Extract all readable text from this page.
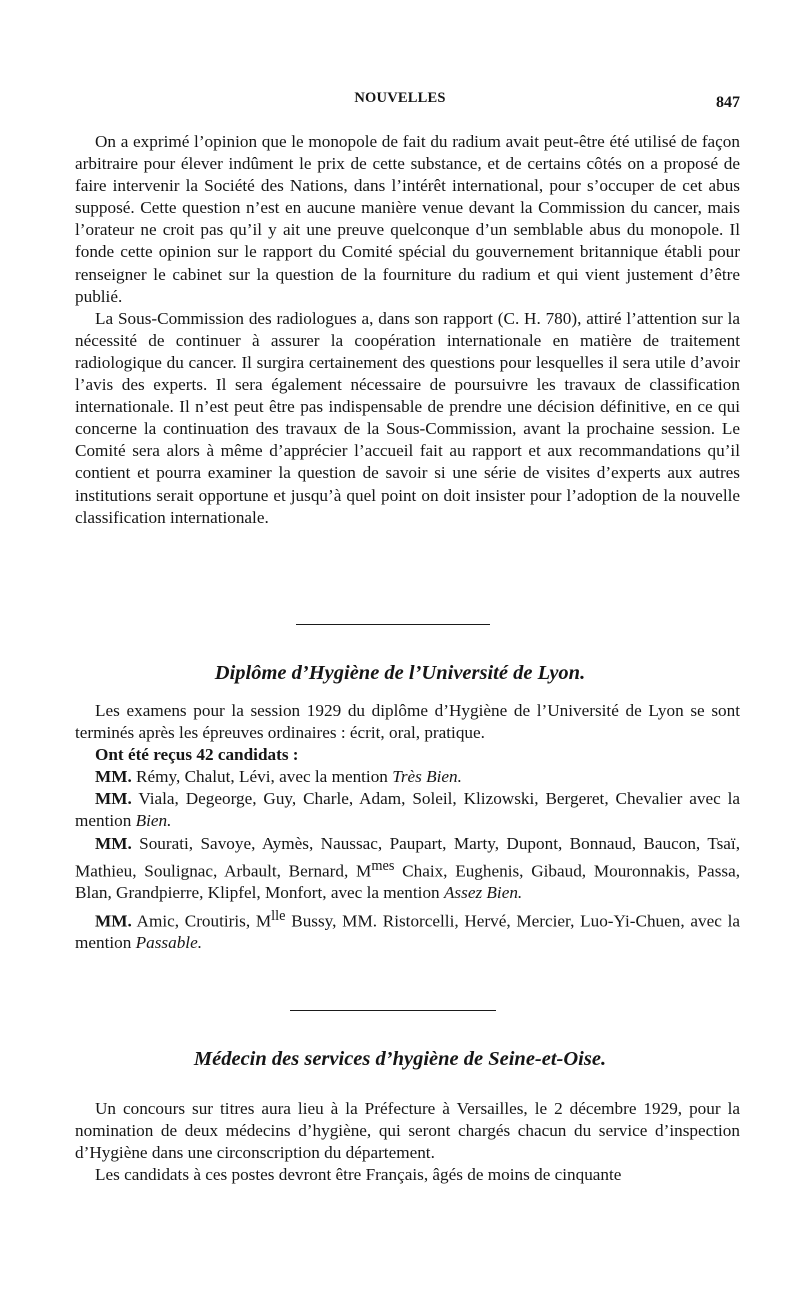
NOUVELLES	847

On a exprimé l’opinion que le monopole de fait du radium avait peut-être été utilisé de façon arbitraire pour élever indûment le prix de cette substance, et de certains côtés on a proposé de faire intervenir la Société des Nations, dans l’intérêt international, pour s’occuper de cet abus supposé. Cette question n’est en aucune manière venue devant la Commission du cancer, mais l’orateur ne croit pas qu’il y ait une preuve quelconque d’un semblable abus du monopole. Il fonde cette opinion sur le rapport du Comité spécial du gouvernement britannique établi pour renseigner le cabinet sur la question de la fourniture du radium et qui vient justement d’être publié.

La Sous-Commission des radiologues a, dans son rapport (C. H. 780), attiré l’attention sur la nécessité de continuer à assurer la coopération internationale en matière de traitement radiologique du cancer. Il surgira certainement des questions pour lesquelles il sera utile d’avoir l’avis des experts. Il sera également nécessaire de poursuivre les travaux de classification internationale. Il n’est peut être pas indispensable de prendre une décision définitive, en ce qui concerne la continuation des travaux de la Sous-Commission, avant la prochaine session. Le Comité sera alors à même d’apprécier l’accueil fait au rapport et aux recommandations qu’il contient et pourra examiner la question de savoir si une série de visites d’experts aux autres institutions serait opportune et jusqu’à quel point on doit insister pour l’adoption de la nouvelle classification internationale.

Diplôme d’Hygiène de l’Université de Lyon.

Les examens pour la session 1929 du diplôme d’Hygiène de l’Université de Lyon se sont terminés après les épreuves ordinaires : écrit, oral, pratique.

Ont été reçus 42 candidats :

MM. Rémy, Chalut, Lévi, avec la mention Très Bien.

MM. Viala, Degeorge, Guy, Charle, Adam, Soleil, Klizowski, Bergeret, Chevalier avec la mention Bien.

MM. Sourati, Savoye, Aymès, Naussac, Paupart, Marty, Dupont, Bonnaud, Baucon, Tsaï, Mathieu, Soulignac, Arbault, Bernard, $M^{mes}$ Chaix, Eughenis, Gibaud, Mouronnakis, Passa, Blan, Grandpierre, Klipfel, Monfort, avec la mention Assez Bien.

MM. Amic, Croutiris, $M^{lle}$ Bussy, MM. Ristorcelli, Hervé, Mercier, Luo-Yi-Chuen, avec la mention Passable.

Médecin des services d’hygiène de Seine-et-Oise.

Un concours sur titres aura lieu à la Préfecture à Versailles, le 2 décembre 1929, pour la nomination de deux médecins d’hygiène, qui seront chargés chacun du service d’inspection d’Hygiène dans une circonscription du département.

Les candidats à ces postes devront être Français, âgés de moins de cinquante
